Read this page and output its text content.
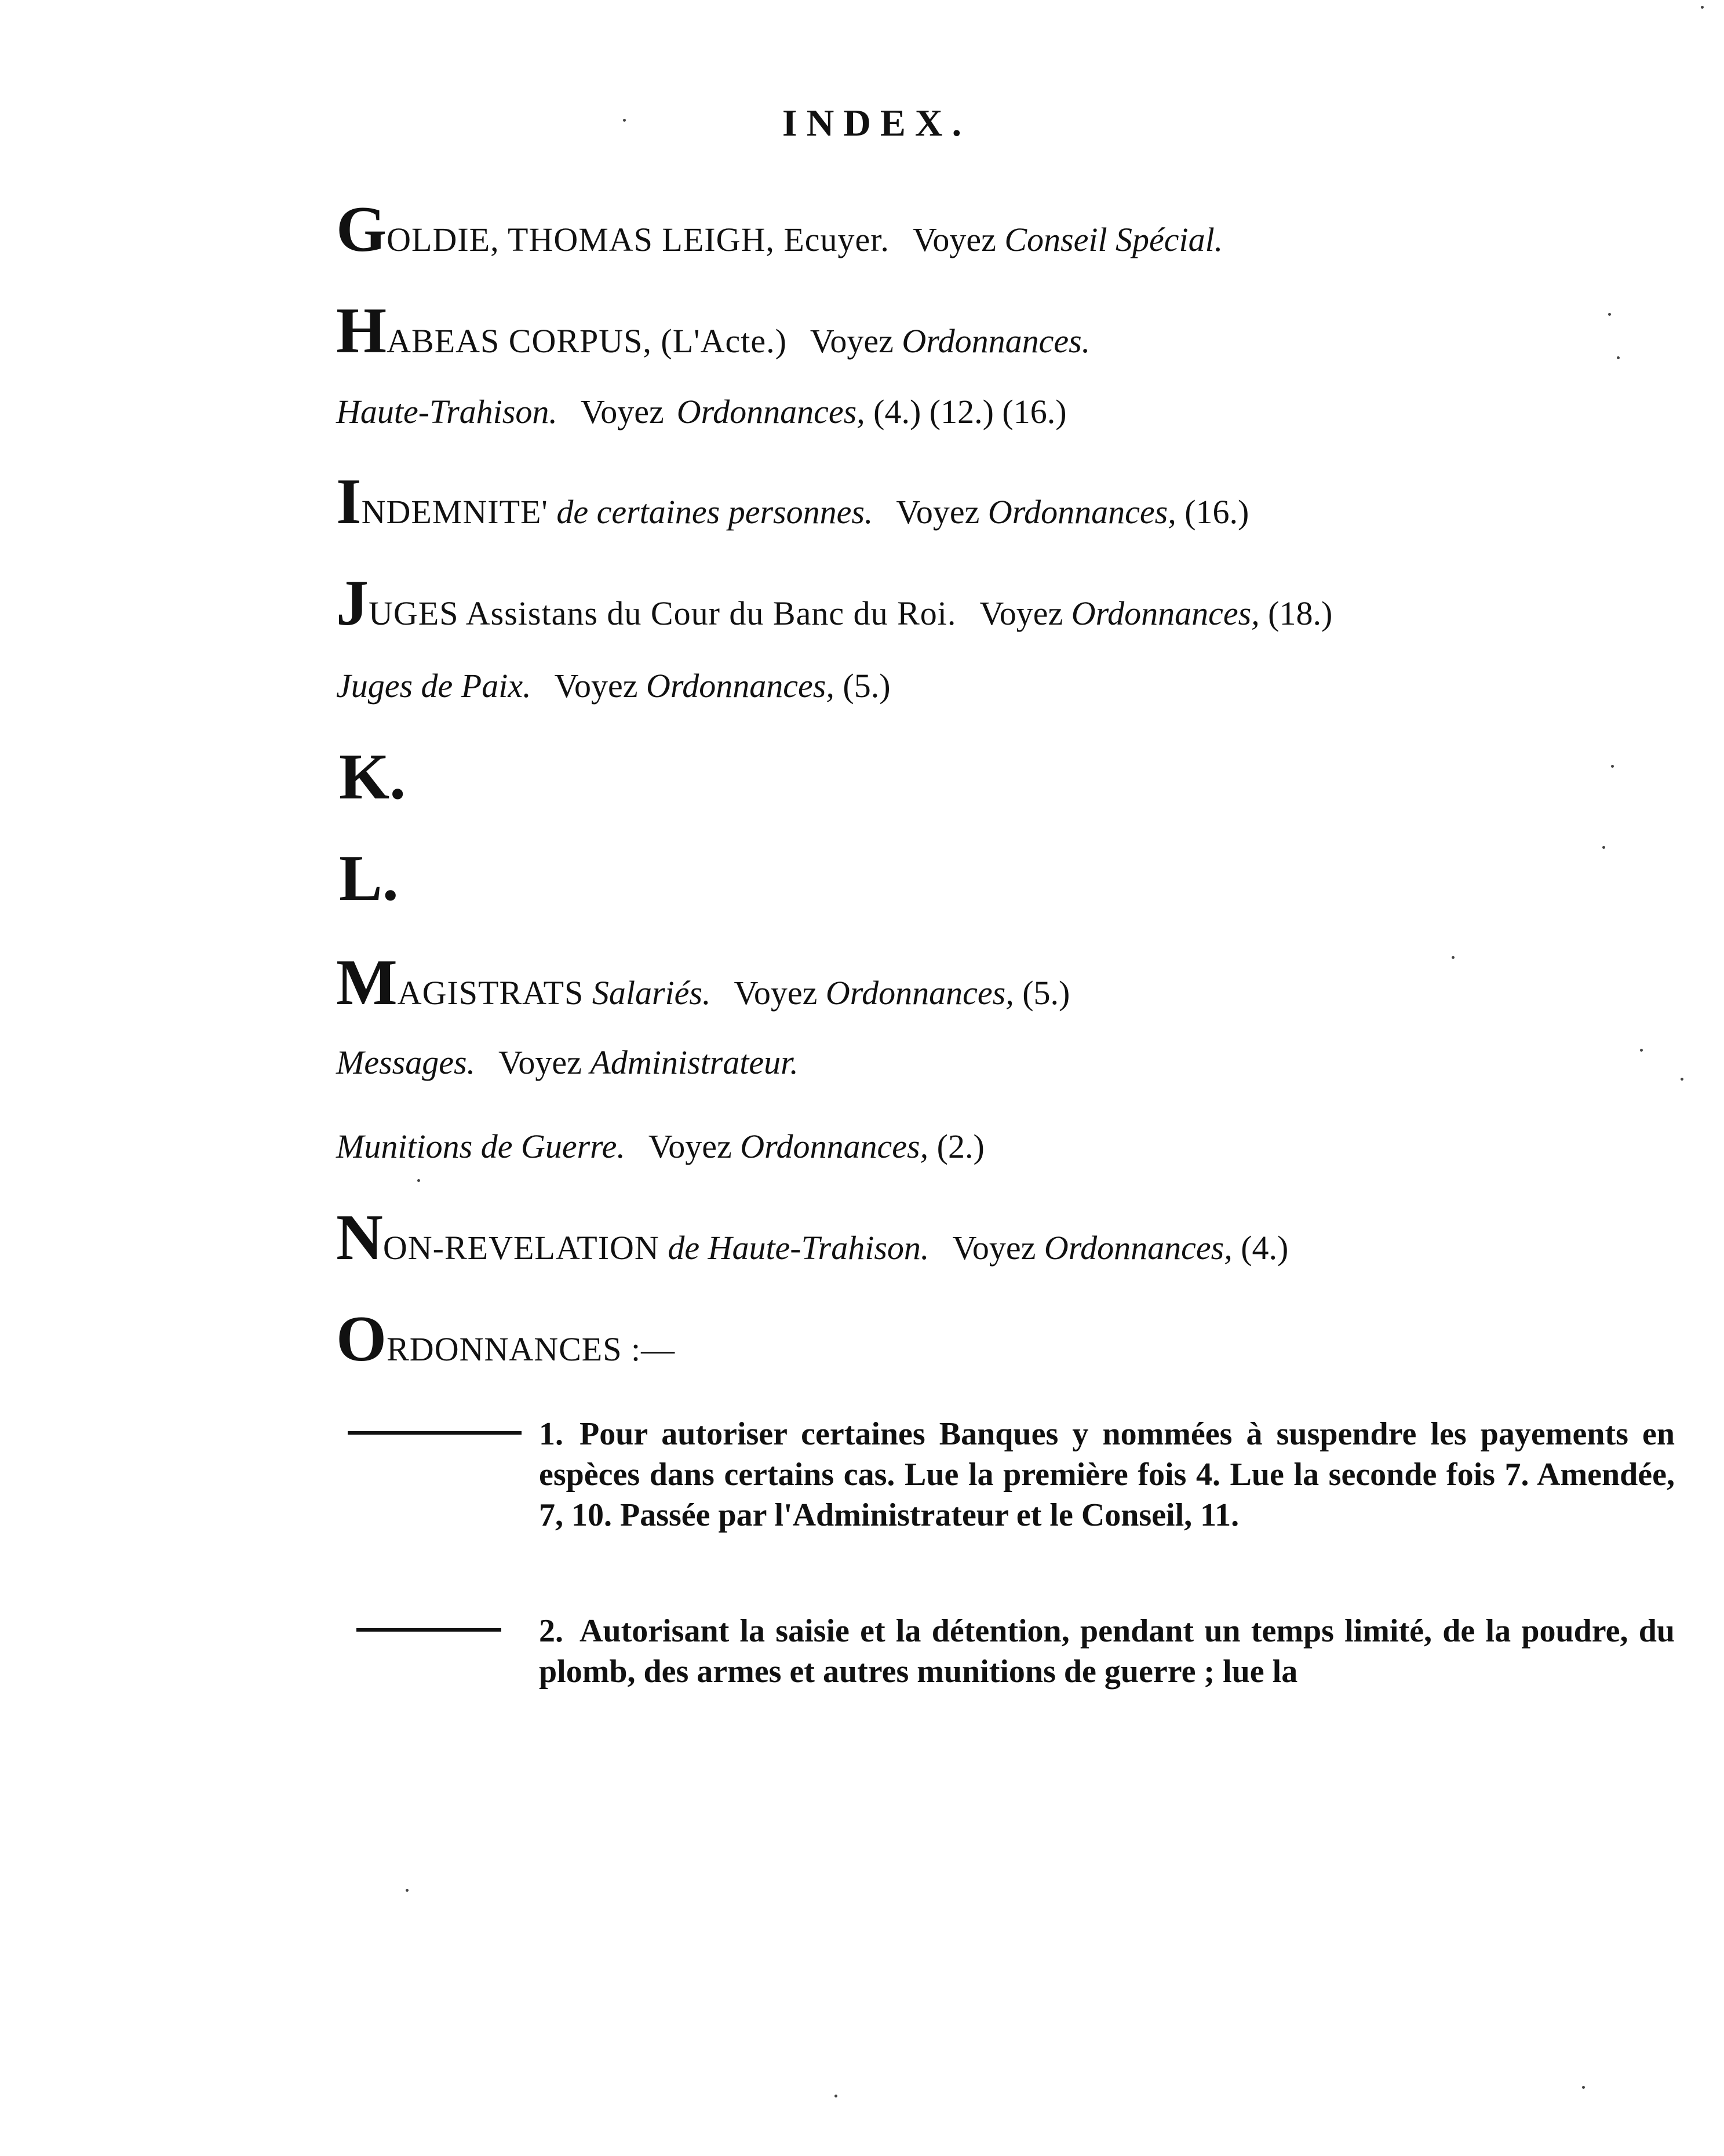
INDEX.
GOLDIE, THOMAS LEIGH, Ecuyer. Voyez Conseil Spécial.
HABEAS CORPUS, (L'Acte.) Voyez Ordonnances.
Haute-Trahison. Voyez Ordonnances, (4.) (12.) (16.)
INDEMNITE' de certaines personnes. Voyez Ordonnances, (16.)
JUGES Assistans du Cour du Banc du Roi. Voyez Ordonnances, (18.)
Juges de Paix. Voyez Ordonnances, (5.)
K.
L.
MAGISTRATS Salariés. Voyez Ordonnances, (5.)
Messages. Voyez Administrateur.
Munitions de Guerre. Voyez Ordonnances, (2.)
NON-REVELATION de Haute-Trahison. Voyez Ordonnances, (4.)
ORDONNANCES :—
1. Pour autoriser certaines Banques y nommées à suspendre les payements en espèces dans certains cas. Lue la première fois 4. Lue la seconde fois 7. Amendée, 7, 10. Passée par l'Administrateur et le Conseil, 11.
2. Autorisant la saisie et la détention, pendant un temps limité, de la poudre, du plomb, des armes et autres munitions de guerre ; lue la
